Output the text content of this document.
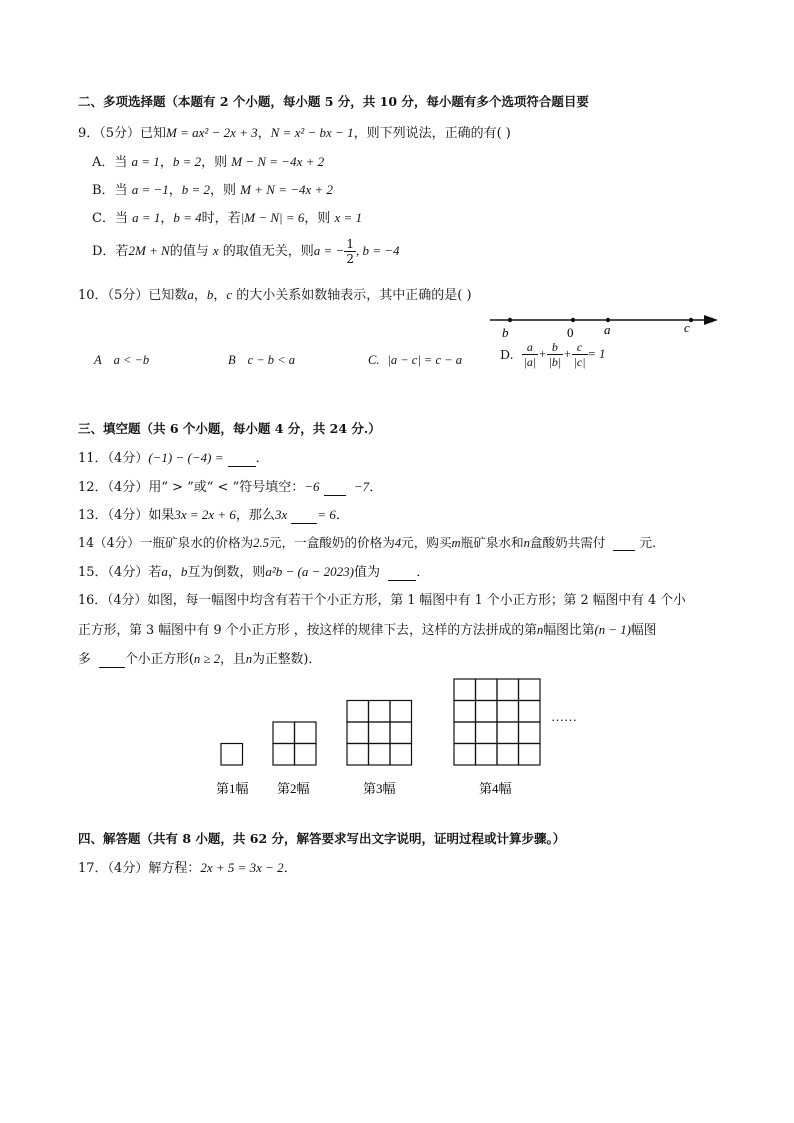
二、多项选择题（本题有 2 个小题，每小题 5 分，共 10 分，每小题有多个选项符合题目要
9．（5分）已知M = ax² − 2x + 3，N = x² − bx − 1，则下列说法，正确的有( )
A．当 a = 1，b = 2，则 M − N = −4x + 2
B．当 a = −1，b = 2，则 M + N = −4x + 2
C．当 a = 1，b = 4时，若|M − N| = 6，则 x = 1
D．若2M + N的值与 x 的取值无关，则a = − $\frac{1}{2}$ , b = −4
10．（5分）已知数a，b，c 的大小关系如数轴表示，其中正确的是( )
b	0 a	c
A a < −b	B c − b < a	C. |a − c| = c − a	D. $\frac{a}{|a|} + \frac{b}{|b|} + \frac{c}{|c|} = 1$
三、填空题（共 6 个小题，每小题 4 分，共 24 分.）
11．（4分）(−1) − (−4) = ．
12．（4分）用“ > ”或“ < ”符号填空：−6	−7．
13．（4分）如果3x = 2x + 6，那么3x = 6．
14（4分）一瓶矿泉水的价格为2.5元，一盒酸奶的价格为4元，购买m瓶矿泉水和n盒酸奶共需付	元．
15．（4分）若a，b互为倒数，则a²b − (a − 2023)值为	．
16．（4分）如图，每一幅图中均含有若干个小正方形，第 1 幅图中有 1 个小正方形；第 2 幅图中有 4 个小
正方形，第 3 幅图中有 9 个小正方形 ，按这样的规律下去，这样的方法拼成的第n幅图比第(n − 1)幅图
多	个小正方形(n ≥ 2，且n为正整数)．
……
第1幅 第2幅	第3幅	第4幅
四、解答题（共有 8 小题，共 62 分，解答要求写出文字说明，证明过程或计算步骤。）
17．（4分）解方程：2x + 5 = 3x − 2．
